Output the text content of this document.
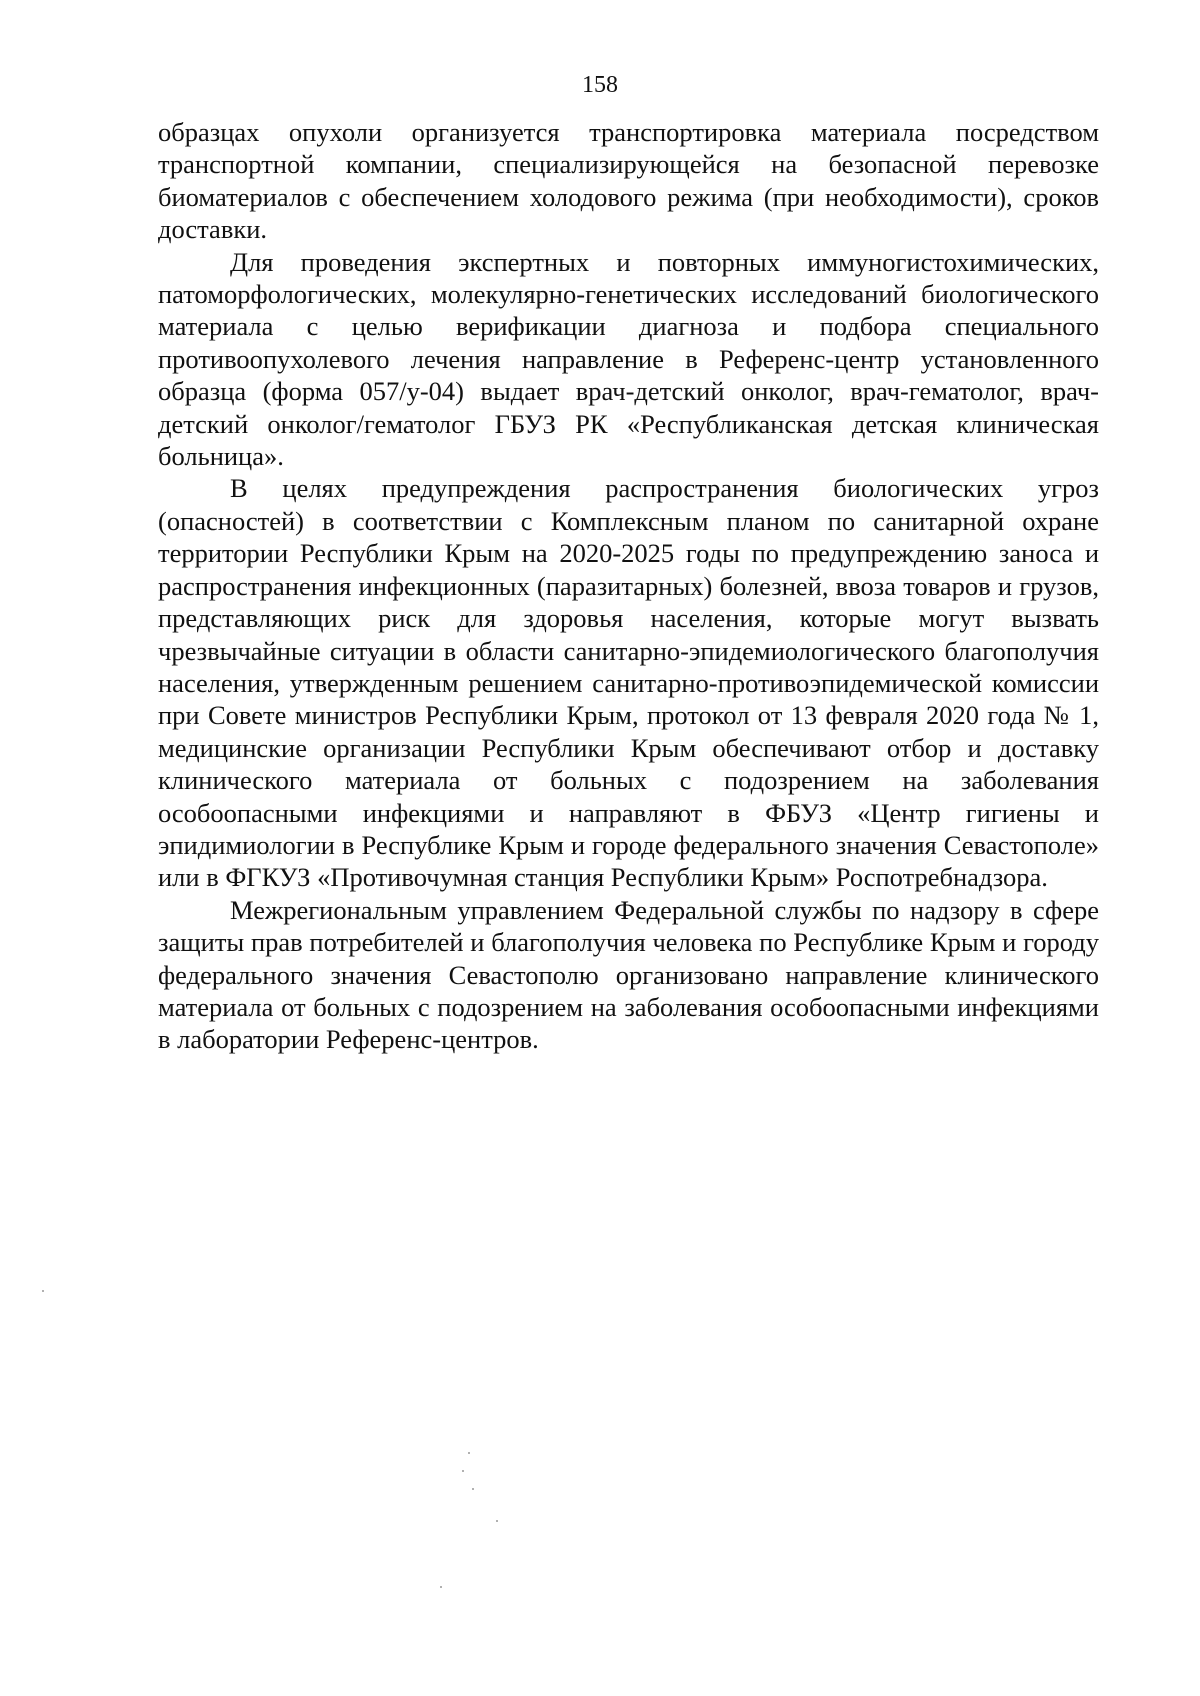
158

образцах опухоли организуется транспортировка материала посредством транспортной компании, специализирующейся на безопасной перевозке биоматериалов с обеспечением холодового режима (при необходимости), сроков доставки.

Для проведения экспертных и повторных иммуногистохимических, патоморфологических, молекулярно-генетических исследований биологического материала с целью верификации диагноза и подбора специального противоопухолевого лечения направление в Референс-центр установленного образца (форма 057/у-04) выдает врач-детский онколог, врач-гематолог, врач-детский онколог/гематолог ГБУЗ РК «Республиканская детская клиническая больница».

В целях предупреждения распространения биологических угроз (опасностей) в соответствии с Комплексным планом по санитарной охране территории Республики Крым на 2020-2025 годы по предупреждению заноса и распространения инфекционных (паразитарных) болезней, ввоза товаров и грузов, представляющих риск для здоровья населения, которые могут вызвать чрезвычайные ситуации в области санитарно-эпидемиологического благополучия населения, утвержденным решением санитарно-противоэпидемической комиссии при Совете министров Республики Крым, протокол от 13 февраля 2020 года № 1, медицинские организации Республики Крым обеспечивают отбор и доставку клинического материала от больных с подозрением на заболевания особоопасными инфекциями и направляют в ФБУЗ «Центр гигиены и эпидимиологии в Республике Крым и городе федерального значения Севастополе» или в ФГКУЗ «Противочумная станция Республики Крым» Роспотребнадзора.

Межрегиональным управлением Федеральной службы по надзору в сфере защиты прав потребителей и благополучия человека по Республике Крым и городу федерального значения Севастополю организовано направление клинического материала от больных с подозрением на заболевания особоопасными инфекциями в лаборатории Референс-центров.
